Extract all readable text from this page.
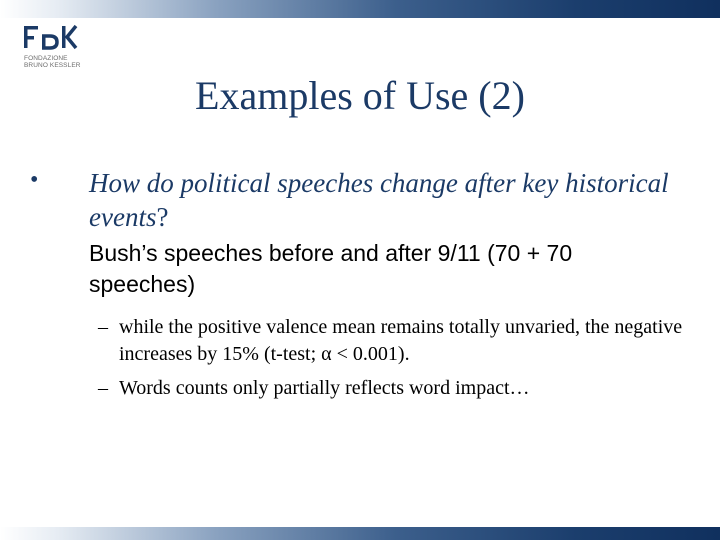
FONDAZIONE
BRUNO KESSLER
Examples of Use (2)
• How do political speeches change after key historical events?
Bush’s speeches before and after 9/11 (70 + 70 speeches)
– while the positive valence mean remains totally unvaried, the negative increases by 15% (t-test; α < 0.001).
– Words counts only partially reflects word impact…
